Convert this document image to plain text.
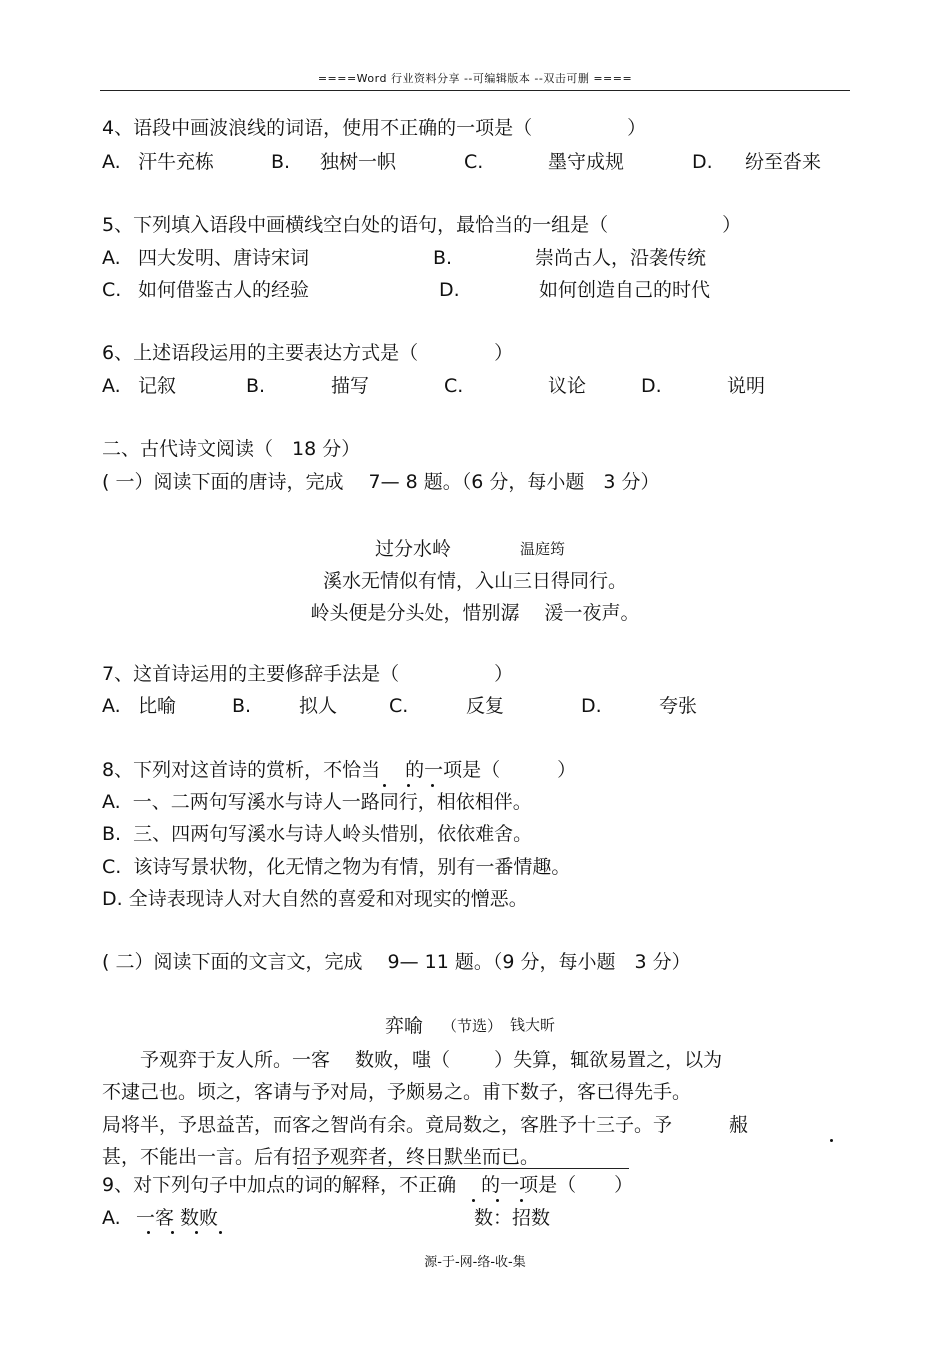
====Word 行业资料分享 --可编辑版本 --双击可删 ====
4、语段中画波浪线的词语，使用不正确的一项是（　　　　　）
A. 汗牛充栋	B. 独树一帜	C.	墨守成规	D. 纷至沓来
5、下列填入语段中画横线空白处的语句，最恰当的一组是（　　　　　　）
A. 四大发明、唐诗宋词	B.	崇尚古人，沿袭传统
C. 如何借鉴古人的经验	D.	如何创造自己的时代
6、上述语段运用的主要表达方式是（　　　　）
A. 记叙	B.	描写	C.	议论	D.	说明
二、古代诗文阅读（　18 分）
( 一）阅读下面的唐诗，完成　 7— 8 题。（6 分，每小题　3 分）
过分水岭	温庭筠
溪水无情似有情，入山三日得同行。
岭头便是分头处，惜别潺　 湲一夜声。
7、这首诗运用的主要修辞手法是（　　　　　）
A. 比喻	B.	拟人	C.	反复	D.	夸张
8、下列对这首诗的赏析，不恰当　 的一项是（　　　）
A.  一、二两句写溪水与诗人一路同行，相依相伴。
B.  三、四两句写溪水与诗人岭头惜别，依依难舍。
C.  该诗写景状物，化无情之物为有情，别有一番情趣。
D. 全诗表现诗人对大自然的喜爱和对现实的憎恶。
( 二）阅读下面的文言文，完成　 9— 11 题。（9 分，每小题　3 分）
弈喻 （节选） 钱大昕
　　予观弈于友人所。一客　 数败，嗤（　　 ）失算，辄欲易置之，以为
不逮己也。顷之，客请与予对局，予颇易之。甫下数子，客已得先手。
局将半，予思益苦，而客之智尚有余。竟局数之，客胜予十三子。予　　　赧
甚，不能出一言。后有招予观弈者，终日默坐而已。
9、对下列句子中加点的词的解释，不正确　 的一项是（　　）
A. 一客 数败	数：招数
源-于-网-络-收-集
